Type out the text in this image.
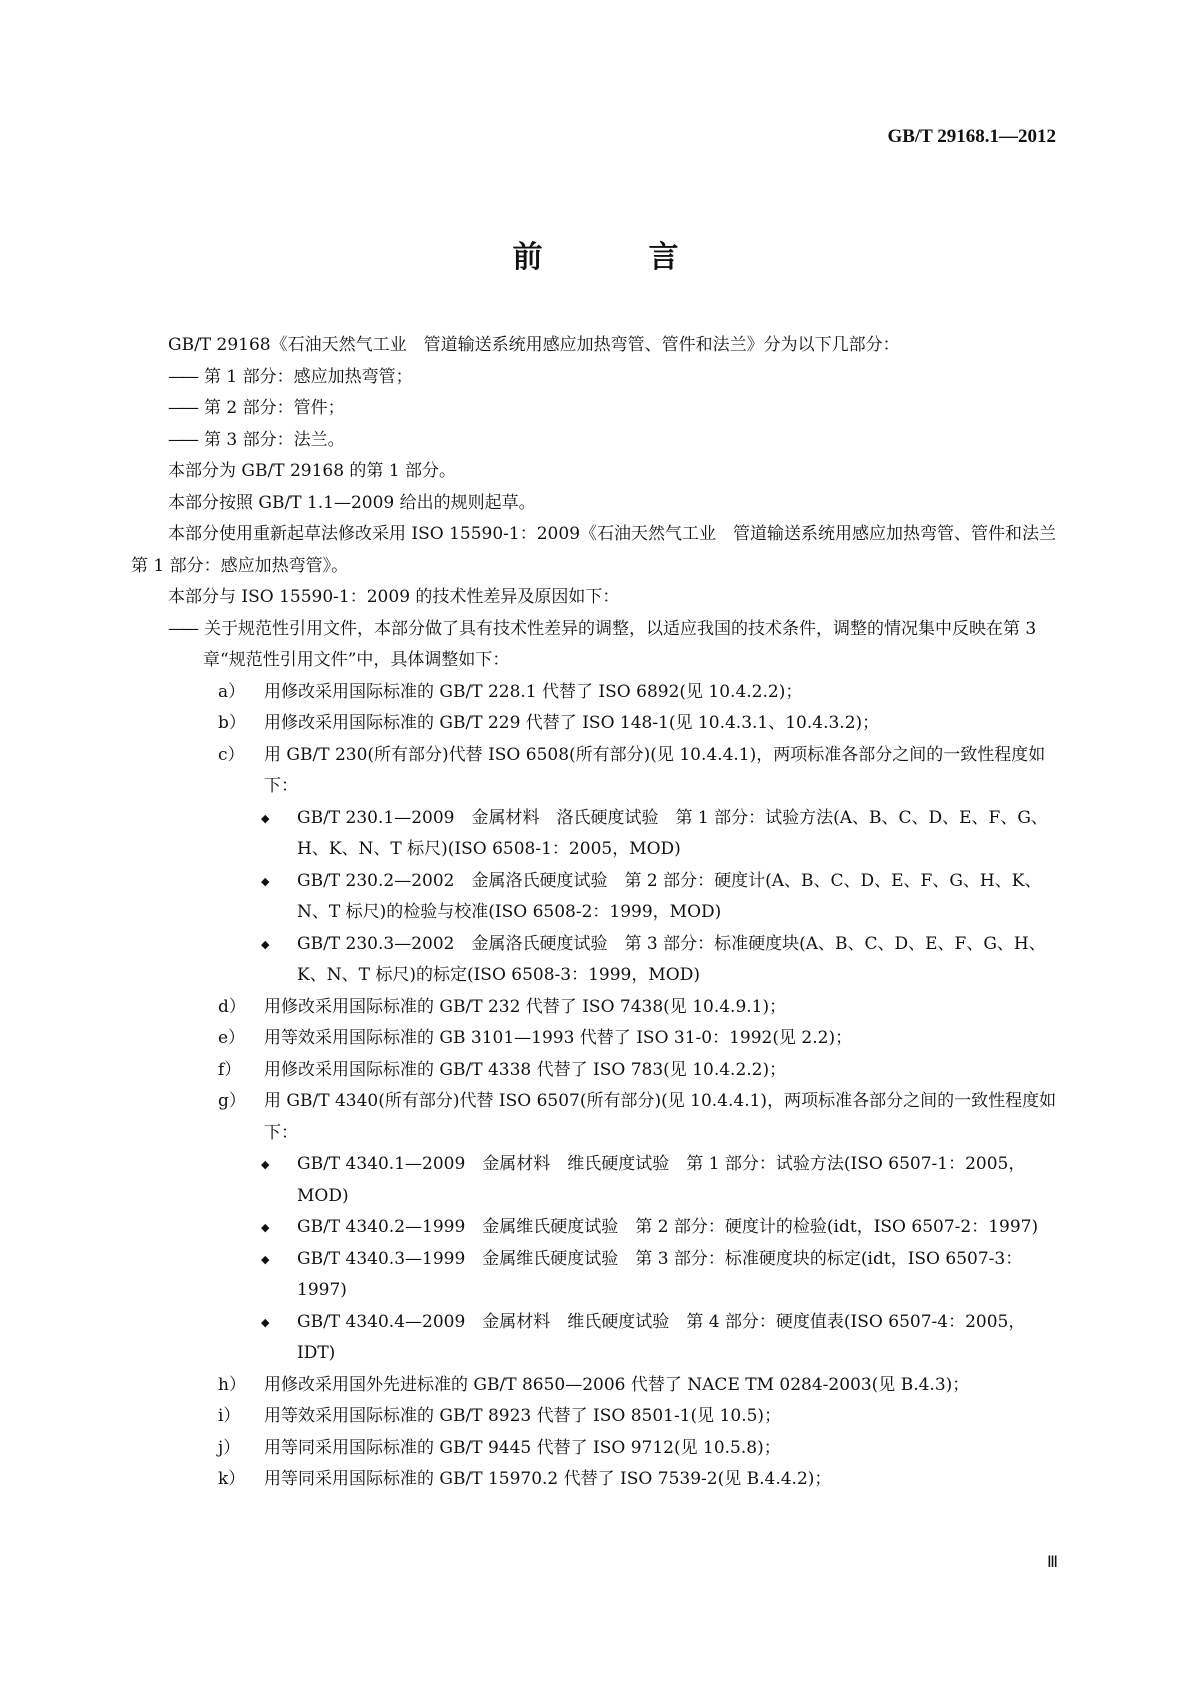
GB/T 29168.1—2012
前　言

GB/T 29168《石油天然气工业　管道输送系统用感应加热弯管、管件和法兰》分为以下几部分：

—— 第 1 部分：感应加热弯管；

—— 第 2 部分：管件；

—— 第 3 部分：法兰。

本部分为 GB/T 29168 的第 1 部分。

本部分按照 GB/T 1.1—2009 给出的规则起草。

本部分使用重新起草法修改采用 ISO 15590-1：2009《石油天然气工业　管道输送系统用感应加热弯管、管件和法兰　第 1 部分：感应加热弯管》。

本部分与 ISO 15590-1：2009 的技术性差异及原因如下：

—— 关于规范性引用文件，本部分做了具有技术性差异的调整，以适应我国的技术条件，调整的情况集中反映在第 3 章“规范性引用文件”中，具体调整如下：

a） 用修改采用国际标准的 GB/T 228.1 代替了 ISO 6892(见 10.4.2.2)；

b） 用修改采用国际标准的 GB/T 229 代替了 ISO 148-1(见 10.4.3.1、10.4.3.2)；

c） 用 GB/T 230(所有部分)代替 ISO 6508(所有部分)(见 10.4.4.1)，两项标准各部分之间的一致性程度如下：

◆ GB/T 230.1—2009　金属材料　洛氏硬度试验　第 1 部分：试验方法(A、B、C、D、E、F、G、H、K、N、T 标尺)(ISO 6508-1：2005，MOD)

◆ GB/T 230.2—2002　金属洛氏硬度试验　第 2 部分：硬度计(A、B、C、D、E、F、G、H、K、N、T 标尺)的检验与校准(ISO 6508-2：1999，MOD)

◆ GB/T 230.3—2002　金属洛氏硬度试验　第 3 部分：标准硬度块(A、B、C、D、E、F、G、H、K、N、T 标尺)的标定(ISO 6508-3：1999，MOD)

d） 用修改采用国际标准的 GB/T 232 代替了 ISO 7438(见 10.4.9.1)；

e） 用等效采用国际标准的 GB 3101—1993 代替了 ISO 31-0：1992(见 2.2)；

f） 用修改采用国际标准的 GB/T 4338 代替了 ISO 783(见 10.4.2.2)；

g） 用 GB/T 4340(所有部分)代替 ISO 6507(所有部分)(见 10.4.4.1)，两项标准各部分之间的一致性程度如下：

◆ GB/T 4340.1—2009　金属材料　维氏硬度试验　第 1 部分：试验方法(ISO 6507-1：2005，MOD)

◆ GB/T 4340.2—1999　金属维氏硬度试验　第 2 部分：硬度计的检验(idt，ISO 6507-2：1997)

◆ GB/T 4340.3—1999　金属维氏硬度试验　第 3 部分：标准硬度块的标定(idt，ISO 6507-3：1997)

◆ GB/T 4340.4—2009　金属材料　维氏硬度试验　第 4 部分：硬度值表(ISO 6507-4：2005，IDT)

h） 用修改采用国外先进标准的 GB/T 8650—2006 代替了 NACE TM 0284-2003(见 B.4.3)；

i） 用等效采用国际标准的 GB/T 8923 代替了 ISO 8501-1(见 10.5)；

j） 用等同采用国际标准的 GB/T 9445 代替了 ISO 9712(见 10.5.8)；

k） 用等同采用国际标准的 GB/T 15970.2 代替了 ISO 7539-2(见 B.4.4.2)；

Ⅲ
